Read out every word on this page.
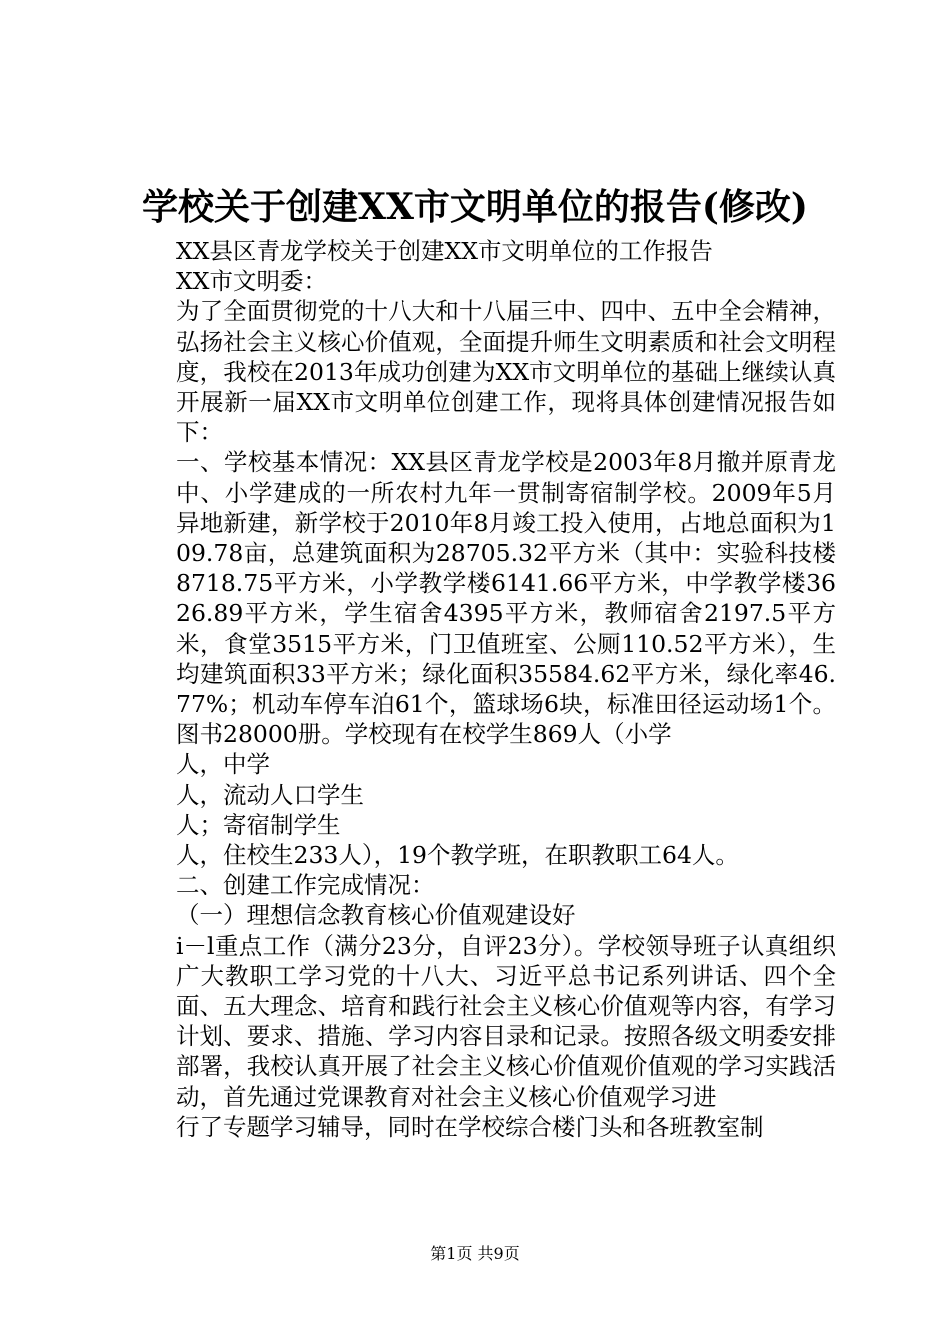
学校关于创建XX市文明单位的报告(修改)

XX县区青龙学校关于创建XX市文明单位的工作报告

XX市文明委：

为了全面贯彻党的十八大和十八届三中、四中、五中全会精神，弘扬社会主义核心价值观，全面提升师生文明素质和社会文明程度，我校在2013年成功创建为XX市文明单位的基础上继续认真开展新一届XX市文明单位创建工作，现将具体创建情况报告如下：

一、学校基本情况：XX县区青龙学校是2003年8月撤并原青龙中、小学建成的一所农村九年一贯制寄宿制学校。2009年5月异地新建，新学校于2010年8月竣工投入使用，占地总面积为109.78亩，总建筑面积为28705.32平方米（其中：实验科技楼8718.75平方米，小学教学楼6141.66平方米，中学教学楼3626.89平方米，学生宿舍4395平方米，教师宿舍2197.5平方米，食堂3515平方米，门卫值班室、公厕110.52平方米），生均建筑面积33平方米；绿化面积35584.62平方米，绿化率46.77%；机动车停车泊61个，篮球场6块，标准田径运动场1个。图书28000册。学校现有在校学生869人（小学

人，中学

人，流动人口学生

人；寄宿制学生

人，住校生233人），19个教学班，在职教职工64人。

二、创建工作完成情况：

（一）理想信念教育核心价值观建设好

i－l重点工作（满分23分，自评23分）。学校领导班子认真组织广大教职工学习党的十八大、习近平总书记系列讲话、四个全面、五大理念、培育和践行社会主义核心价值观等内容，有学习计划、要求、措施、学习内容目录和记录。按照各级文明委安排部署，我校认真开展了社会主义核心价值观价值观的学习实践活动，首先通过党课教育对社会主义核心价值观学习进

行了专题学习辅导，同时在学校综合楼门头和各班教室制

第1页 共9页
